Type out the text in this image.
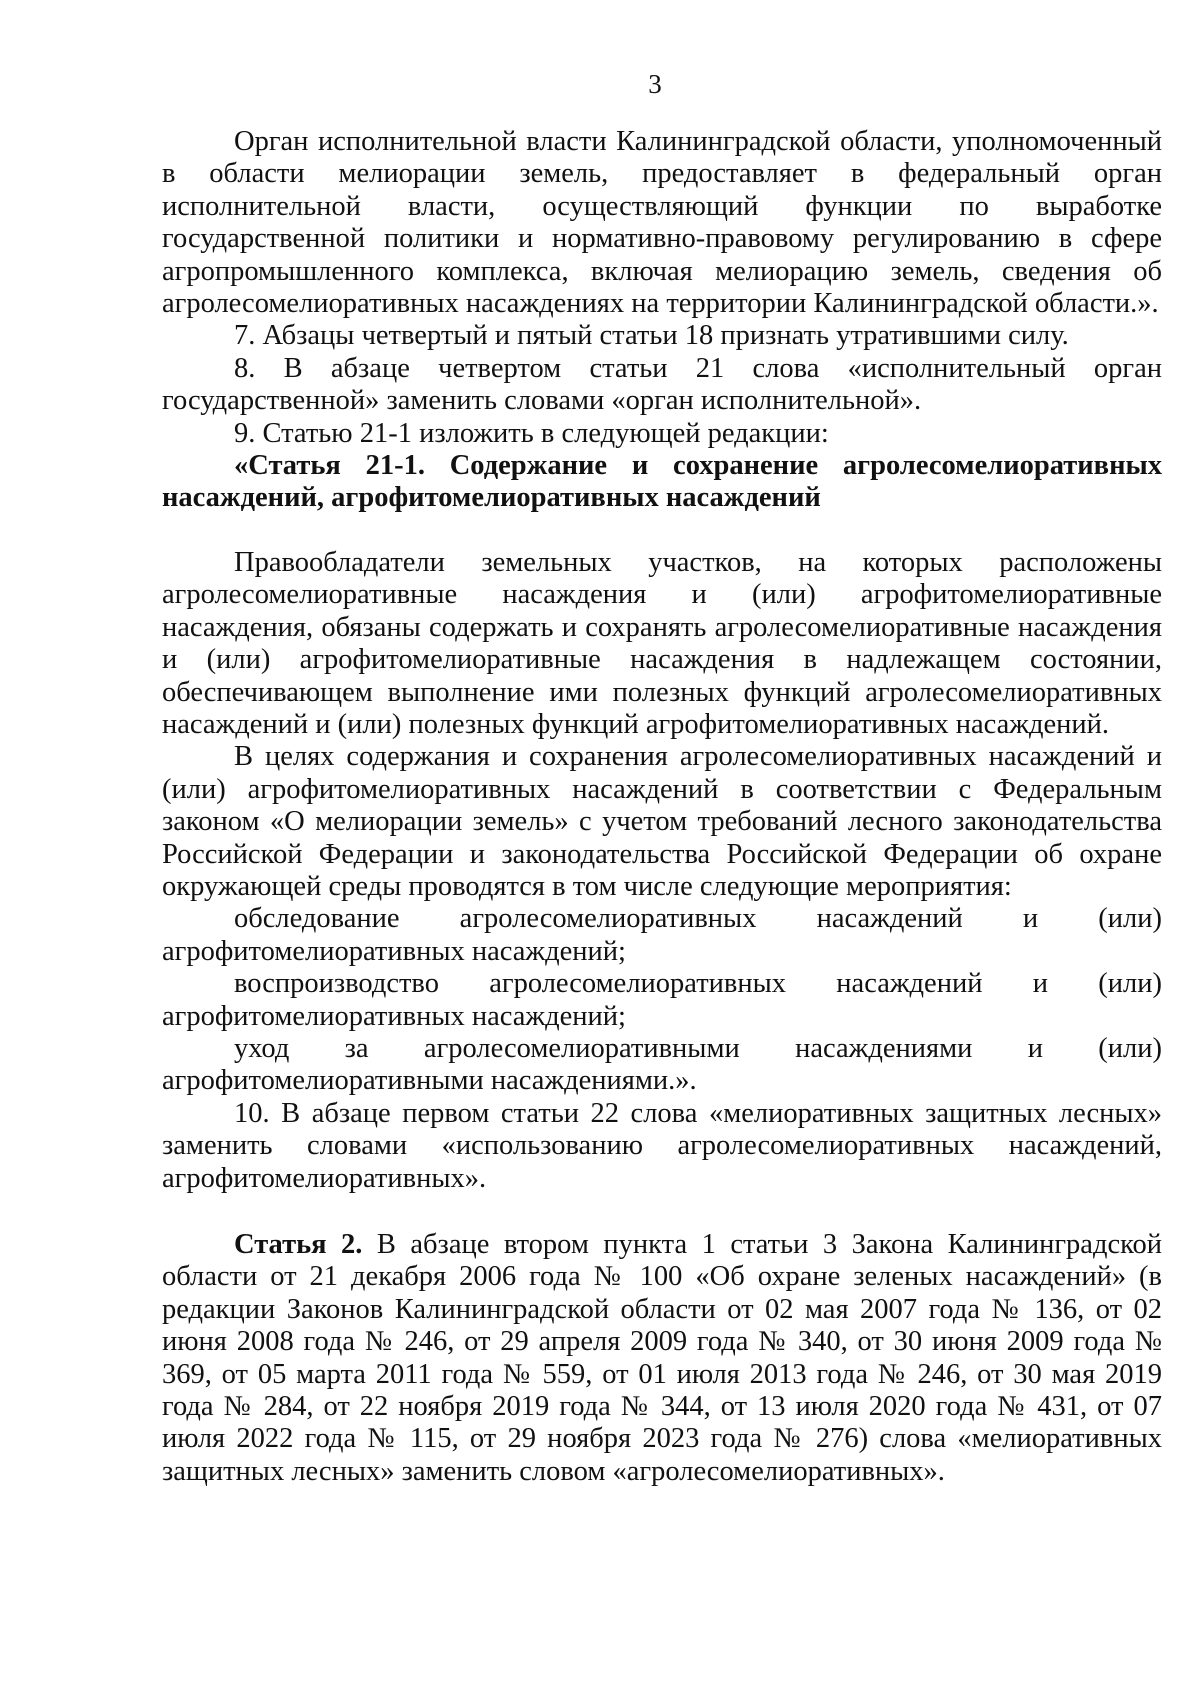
3

Орган исполнительной власти Калининградской области, уполномоченный в области мелиорации земель, предоставляет в федеральный орган исполнительной власти, осуществляющий функции по выработке государственной политики и нормативно-правовому регулированию в сфере агропромышленного комплекса, включая мелиорацию земель, сведения об агролесомелиоративных насаждениях на территории Калининградской области.».

7. Абзацы четвертый и пятый статьи 18 признать утратившими силу.

8. В абзаце четвертом статьи 21 слова «исполнительный орган государственной» заменить словами «орган исполнительной».

9. Статью 21-1 изложить в следующей редакции:

«Статья 21-1. Содержание и сохранение агролесомелиоративных насаждений, агрофитомелиоративных насаждений

Правообладатели земельных участков, на которых расположены агролесомелиоративные насаждения и (или) агрофитомелиоративные насаждения, обязаны содержать и сохранять агролесомелиоративные насаждения и (или) агрофитомелиоративные насаждения в надлежащем состоянии, обеспечивающем выполнение ими полезных функций агролесомелиоративных насаждений и (или) полезных функций агрофитомелиоративных насаждений.

В целях содержания и сохранения агролесомелиоративных насаждений и (или) агрофитомелиоративных насаждений в соответствии с Федеральным законом «О мелиорации земель» с учетом требований лесного законодательства Российской Федерации и законодательства Российской Федерации об охране окружающей среды проводятся в том числе следующие мероприятия:

обследование агролесомелиоративных насаждений и (или) агрофитомелиоративных насаждений;

воспроизводство агролесомелиоративных насаждений и (или) агрофитомелиоративных насаждений;

уход за агролесомелиоративными насаждениями и (или) агрофитомелиоративными насаждениями.».

10. В абзаце первом статьи 22 слова «мелиоративных защитных лесных» заменить словами «использованию агролесомелиоративных насаждений, агрофитомелиоративных».

Статья 2. В абзаце втором пункта 1 статьи 3 Закона Калининградской области от 21 декабря 2006 года № 100 «Об охране зеленых насаждений» (в редакции Законов Калининградской области от 02 мая 2007 года № 136, от 02 июня 2008 года № 246, от 29 апреля 2009 года № 340, от 30 июня 2009 года № 369, от 05 марта 2011 года № 559, от 01 июля 2013 года № 246, от 30 мая 2019 года № 284, от 22 ноября 2019 года № 344, от 13 июля 2020 года № 431, от 07 июля 2022 года № 115, от 29 ноября 2023 года № 276) слова «мелиоративных защитных лесных» заменить словом «агролесомелиоративных».
